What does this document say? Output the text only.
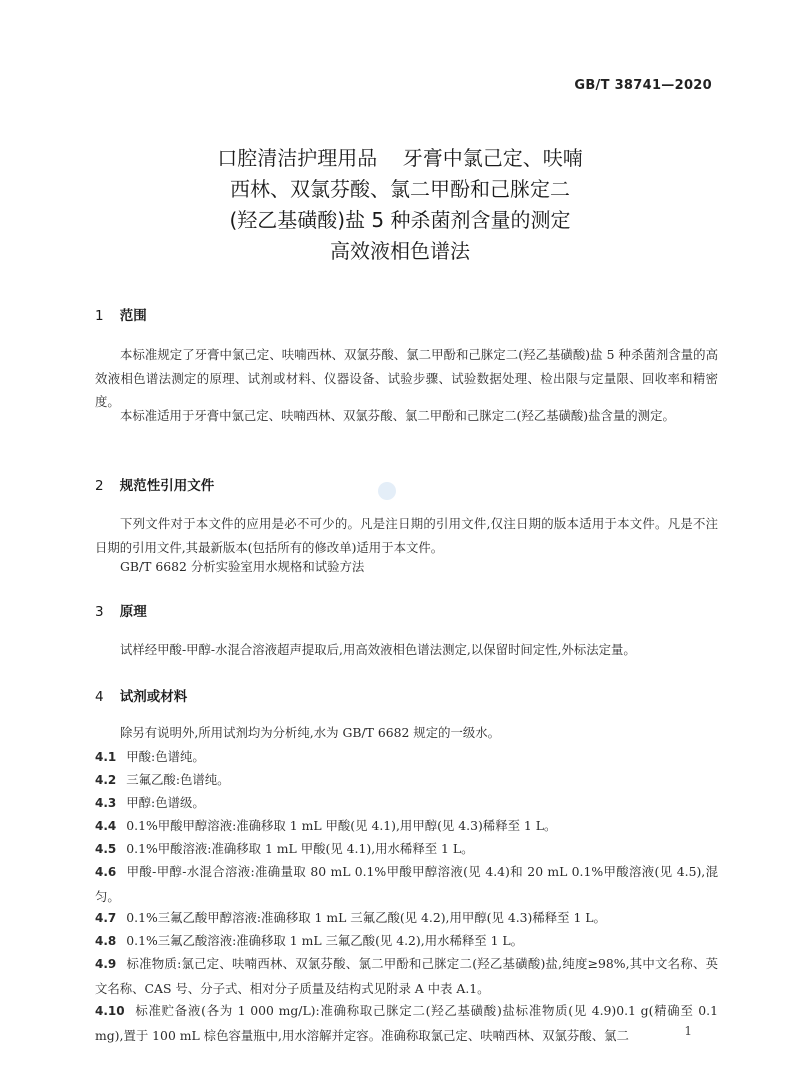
GB/T 38741—2020
口腔清洁护理用品    牙膏中氯己定、呋喃
西林、双氯芬酸、氯二甲酚和己脒定二
(羟乙基磺酸)盐 5 种杀菌剂含量的测定
高效液相色谱法
1 范围
本标准规定了牙膏中氯己定、呋喃西林、双氯芬酸、氯二甲酚和己脒定二(羟乙基磺酸)盐 5 种杀菌剂含量的高效液相色谱法测定的原理、试剂或材料、仪器设备、试验步骤、试验数据处理、检出限与定量限、回收率和精密度。
本标准适用于牙膏中氯己定、呋喃西林、双氯芬酸、氯二甲酚和己脒定二(羟乙基磺酸)盐含量的测定。
2 规范性引用文件
下列文件对于本文件的应用是必不可少的。凡是注日期的引用文件,仅注日期的版本适用于本文件。凡是不注日期的引用文件,其最新版本(包括所有的修改单)适用于本文件。
GB/T 6682 分析实验室用水规格和试验方法
3 原理
试样经甲酸-甲醇-水混合溶液超声提取后,用高效液相色谱法测定,以保留时间定性,外标法定量。
4 试剂或材料
除另有说明外,所用试剂均为分析纯,水为 GB/T 6682 规定的一级水。
4.1 甲酸:色谱纯。
4.2 三氟乙酸:色谱纯。
4.3 甲醇:色谱级。
4.4 0.1%甲酸甲醇溶液:准确移取 1 mL 甲酸(见 4.1),用甲醇(见 4.3)稀释至 1 L。
4.5 0.1%甲酸溶液:准确移取 1 mL 甲酸(见 4.1),用水稀释至 1 L。
4.6 甲酸-甲醇-水混合溶液:准确量取 80 mL 0.1%甲酸甲醇溶液(见 4.4)和 20 mL 0.1%甲酸溶液(见 4.5),混匀。
4.7 0.1%三氟乙酸甲醇溶液:准确移取 1 mL 三氟乙酸(见 4.2),用甲醇(见 4.3)稀释至 1 L。
4.8 0.1%三氟乙酸溶液:准确移取 1 mL 三氟乙酸(见 4.2),用水稀释至 1 L。
4.9 标准物质:氯己定、呋喃西林、双氯芬酸、氯二甲酚和己脒定二(羟乙基磺酸)盐,纯度≥98%,其中文名称、英文名称、CAS 号、分子式、相对分子质量及结构式见附录 A 中表 A.1。
4.10 标准贮备液(各为 1 000 mg/L):准确称取己脒定二(羟乙基磺酸)盐标准物质(见 4.9)0.1 g(精确至 0.1 mg),置于 100 mL 棕色容量瓶中,用水溶解并定容。准确称取氯己定、呋喃西林、双氯芬酸、氯二	1
